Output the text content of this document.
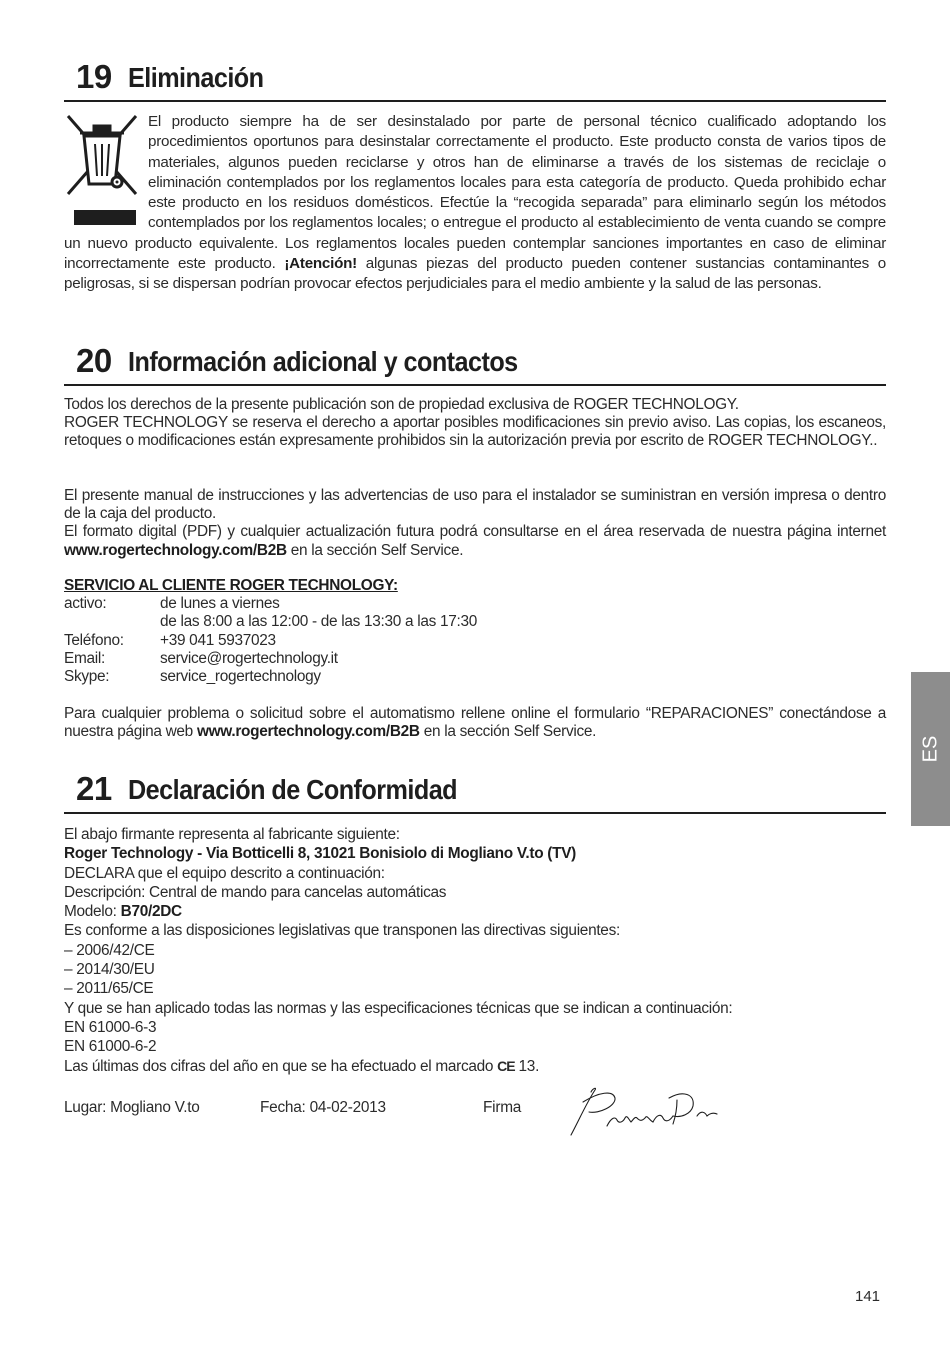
19 Eliminación
El producto siempre ha de ser desinstalado por parte de personal técnico cualificado adoptando los procedimientos oportunos para desinstalar correctamente el producto. Este producto consta de varios tipos de materiales, algunos pueden reciclarse y otros han de eliminarse a través de los sistemas de reciclaje o eliminación contemplados por los reglamentos locales para esta categoría de producto. Queda prohibido echar este producto en los residuos domésticos. Efectúe la “recogida separada” para eliminarlo según los métodos contemplados por los reglamentos locales; o entregue el producto al establecimiento de venta cuando se compre un nuevo producto equivalente. Los reglamentos locales pueden contemplar sanciones importantes en caso de eliminar incorrectamente este producto. ¡Atención! algunas piezas del producto pueden contener sustancias contaminantes o peligrosas, si se dispersan podrían provocar efectos perjudiciales para el medio ambiente y la salud de las personas.
20 Información adicional y contactos
Todos los derechos de la presente publicación son de propiedad exclusiva de ROGER TECHNOLOGY.
ROGER TECHNOLOGY se reserva el derecho a aportar posibles modificaciones sin previo aviso. Las copias, los escaneos, retoques o modificaciones están expresamente prohibidos sin la autorización previa por escrito de ROGER TECHNOLOGY..
El presente manual de instrucciones y las advertencias de uso para el instalador se suministran en versión impresa o dentro de la caja del producto.
El formato digital (PDF) y cualquier actualización futura podrá consultarse en el área reservada de nuestra página internet www.rogertechnology.com/B2B en la sección Self Service.
SERVICIO AL CLIENTE ROGER TECHNOLOGY:
activo:	de lunes a viernes
de las 8:00 a las 12:00 - de las 13:30 a las 17:30
Teléfono:	+39 041 5937023
Email:	service@rogertechnology.it
Skype:	service_rogertechnology
Para cualquier problema o solicitud sobre el automatismo rellene online el formulario “REPARACIONES” conectándose a nuestra página web www.rogertechnology.com/B2B en la sección Self Service.
21 Declaración de Conformidad
El abajo firmante representa al fabricante siguiente:
Roger Technology - Via Botticelli 8, 31021 Bonisiolo di Mogliano V.to (TV)
DECLARA que el equipo descrito a continuación:
Descripción: Central de mando para cancelas automáticas
Modelo: B70/2DC
Es conforme a las disposiciones legislativas que transponen las directivas siguientes:
– 2006/42/CE
– 2014/30/EU
– 2011/65/CE
Y que se han aplicado todas las normas y las especificaciones técnicas que se indican a continuación:
EN 61000-6-3
EN 61000-6-2
Las últimas dos cifras del año en que se ha efectuado el marcado CE 13.
Lugar: Mogliano V.to	Fecha: 04-02-2013	Firma
ES
141
